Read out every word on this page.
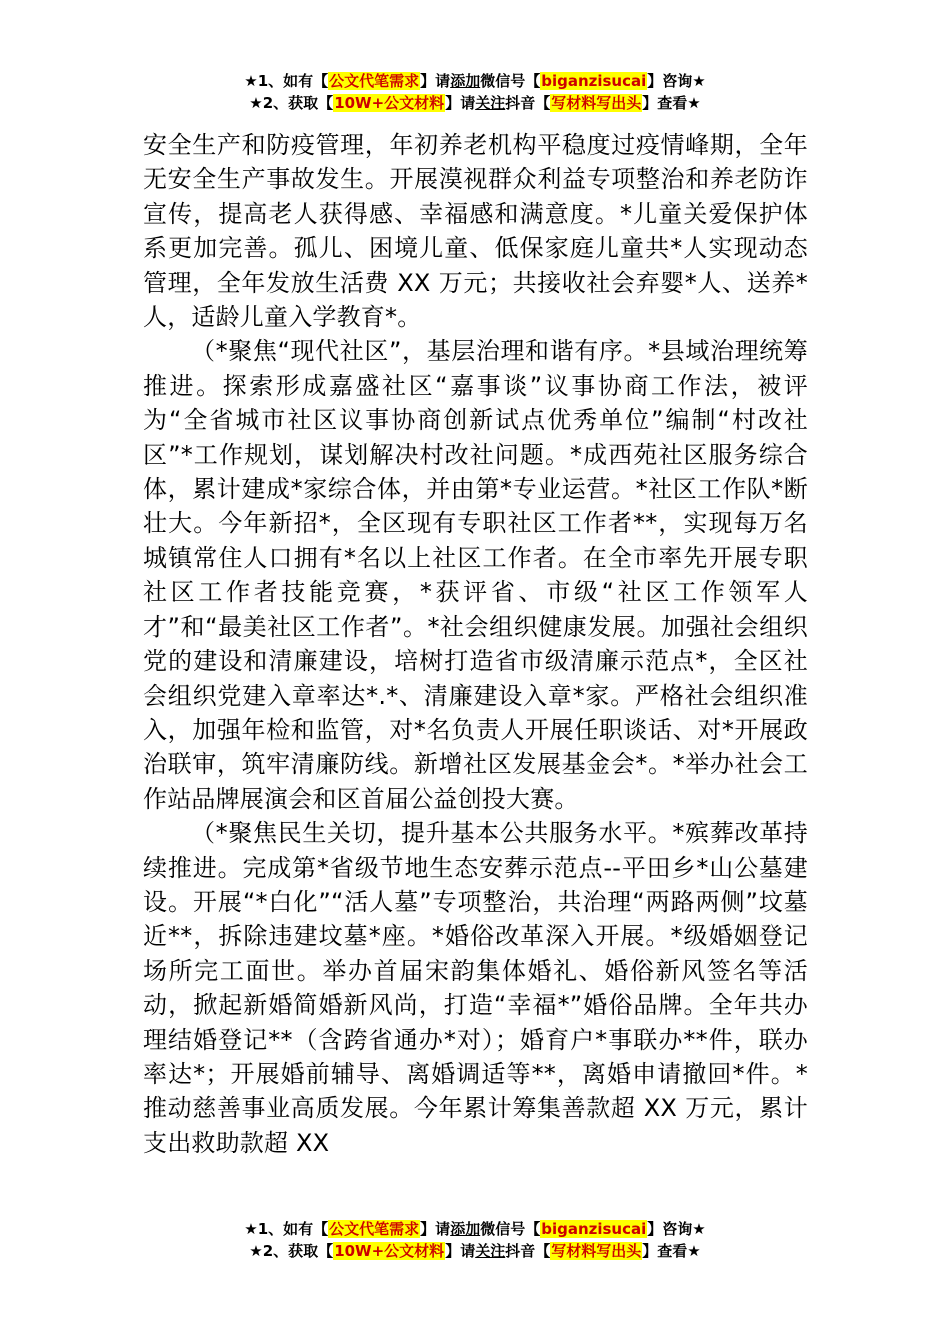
★1、如有【公文代笔需求】请添加微信号【biganzisucai】咨询★
★2、获取【10W+公文材料】请关注抖音【写材料写出头】查看★

安全生产和防疫管理，年初养老机构平稳度过疫情峰期，全年无安全生产事故发生。开展漠视群众利益专项整治和养老防诈宣传，提高老人获得感、幸福感和满意度。*儿童关爱保护体系更加完善。孤儿、困境儿童、低保家庭儿童共*人实现动态管理，全年发放生活费 XX 万元；共接收社会弃婴*人、送养*人，适龄儿童入学教育*。

（*聚焦“现代社区”，基层治理和谐有序。*县域治理统筹推进。探索形成嘉盛社区“嘉事谈”议事协商工作法，被评为“全省城市社区议事协商创新试点优秀单位”编制“村改社区”*工作规划，谋划解决村改社问题。*成西苑社区服务综合体，累计建成*家综合体，并由第*专业运营。*社区工作队*断壮大。今年新招*，全区现有专职社区工作者**，实现每万名城镇常住人口拥有*名以上社区工作者。在全市率先开展专职社区工作者技能竞赛，*获评省、市级“社区工作领军人才”和“最美社区工作者”。*社会组织健康发展。加强社会组织党的建设和清廉建设，培树打造省市级清廉示范点*，全区社会组织党建入章率达*.*、清廉建设入章*家。严格社会组织准入，加强年检和监管，对*名负责人开展任职谈话、对*开展政治联审，筑牢清廉防线。新增社区发展基金会*。*举办社会工作站品牌展演会和区首届公益创投大赛。

（*聚焦民生关切，提升基本公共服务水平。*殡葬改革持续推进。完成第*省级节地生态安葬示范点--平田乡*山公墓建设。开展“*白化”“活人墓”专项整治，共治理“两路两侧”坟墓近**，拆除违建坟墓*座。*婚俗改革深入开展。*级婚姻登记场所完工面世。举办首届宋韵集体婚礼、婚俗新风签名等活动，掀起新婚简婚新风尚，打造“幸福*”婚俗品牌。全年共办理结婚登记**（含跨省通办*对）；婚育户*事联办**件，联办率达*；开展婚前辅导、离婚调适等**，离婚申请撤回*件。*推动慈善事业高质发展。今年累计筹集善款超 XX 万元，累计支出救助款超 XX

★1、如有【公文代笔需求】请添加微信号【biganzisucai】咨询★
★2、获取【10W+公文材料】请关注抖音【写材料写出头】查看★
